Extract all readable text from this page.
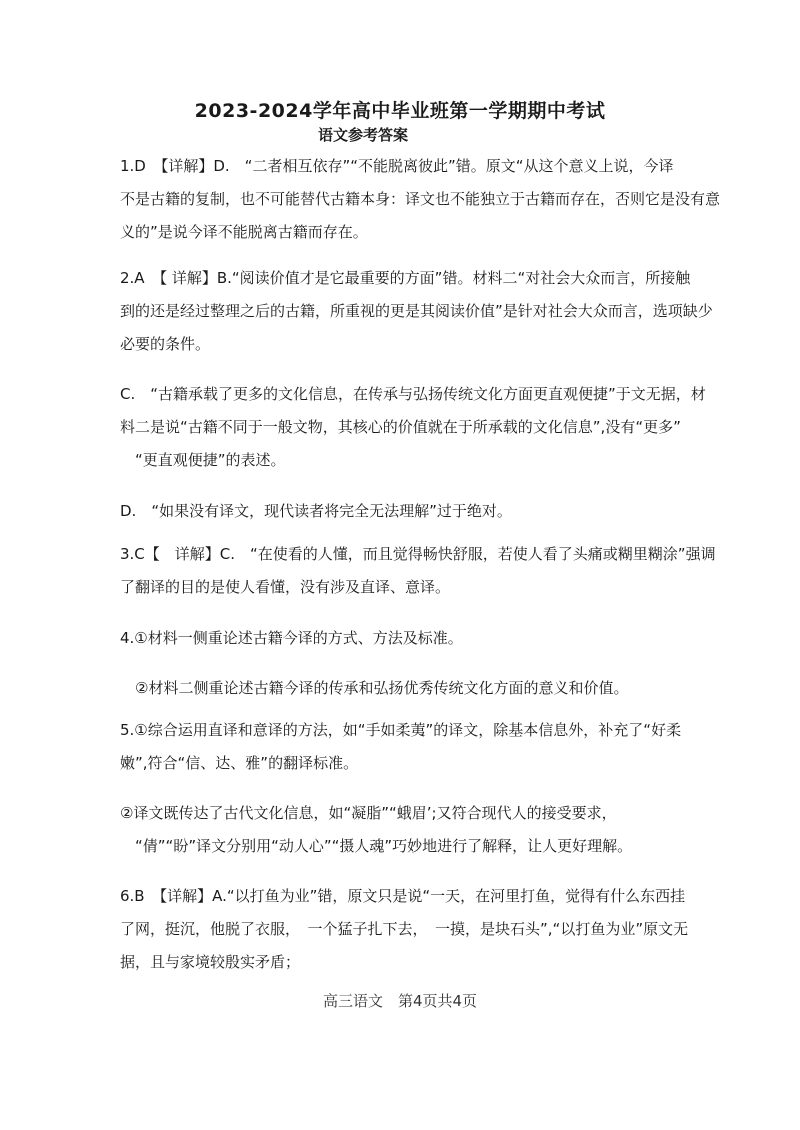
2023-2024学年高中毕业班第一学期期中考试
语文参考答案
1.D　【详解】D.　“二者相互依存”“不能脱离彼此”错。原文“从这个意义上说，今译
不是古籍的复制，也不可能替代古籍本身：译文也不能独立于古籍而存在，否则它是没有意
义的”是说今译不能脱离古籍而存在。
2.A　【 详解】B.“阅读价值才是它最重要的方面”错。材料二“对社会大众而言，所接触
到的还是经过整理之后的古籍，所重视的更是其阅读价值”是针对社会大众而言，选项缺少
必要的条件。
C.　“古籍承载了更多的文化信息，在传承与弘扬传统文化方面更直观便捷”于文无据，材
料二是说“古籍不同于一般文物，其核心的价值就在于所承载的文化信息”,没有“更多”
　“更直观便捷”的表述。
D.　“如果没有译文，现代读者将完全无法理解”过于绝对。
3.C【　详解】C.　“在使看的人懂，而且觉得畅快舒服，若使人看了头痛或糊里糊涂”强调
了翻译的目的是使人看懂，没有涉及直译、意译。
4.①材料一侧重论述古籍今译的方式、方法及标准。
　②材料二侧重论述古籍今译的传承和弘扬优秀传统文化方面的意义和价值。
5.①综合运用直译和意译的方法，如“手如柔荑”的译文，除基本信息外，补充了“好柔
嫩”,符合“信、达、雅”的翻译标准。
②译文既传达了古代文化信息，如“凝脂”“蛾眉’;又符合现代人的接受要求，
　“倩”“盼”译文分别用“动人心”“摄人魂”巧妙地进行了解释，让人更好理解。
6.B　【详解】A.“以打鱼为业”错，原文只是说“一天，在河里打鱼，觉得有什么东西挂
了网，挺沉，他脱了衣服，　一个猛子扎下去，　一摸，是块石头”,“以打鱼为业”原文无
据，且与家境较殷实矛盾；
高三语文　第4页共4页
